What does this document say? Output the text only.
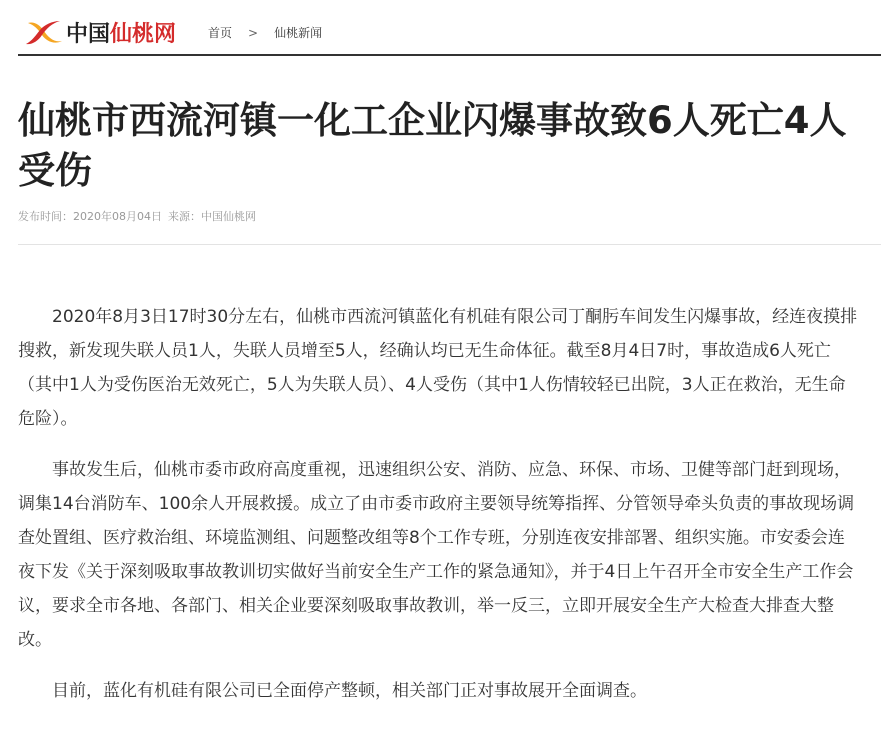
中国仙桃网	首页 > 仙桃新闻
仙桃市西流河镇一化工企业闪爆事故致6人死亡4人受伤
发布时间：2020年08月04日 来源：中国仙桃网

2020年8月3日17时30分左右，仙桃市西流河镇蓝化有机硅有限公司丁酮肟车间发生闪爆事故，经连夜摸排搜救，新发现失联人员1人，失联人员增至5人，经确认均已无生命体征。截至8月4日7时，事故造成6人死亡（其中1人为受伤医治无效死亡，5人为失联人员）、4人受伤（其中1人伤情较轻已出院，3人正在救治，无生命危险）。

事故发生后，仙桃市委市政府高度重视，迅速组织公安、消防、应急、环保、市场、卫健等部门赶到现场，调集14台消防车、100余人开展救援。成立了由市委市政府主要领导统筹指挥、分管领导牵头负责的事故现场调查处置组、医疗救治组、环境监测组、问题整改组等8个工作专班，分别连夜安排部署、组织实施。市安委会连夜下发《关于深刻吸取事故教训切实做好当前安全生产工作的紧急通知》，并于4日上午召开全市安全生产工作会议，要求全市各地、各部门、相关企业要深刻吸取事故教训，举一反三，立即开展安全生产大检查大排查大整改。

目前，蓝化有机硅有限公司已全面停产整顿，相关部门正对事故展开全面调查。
